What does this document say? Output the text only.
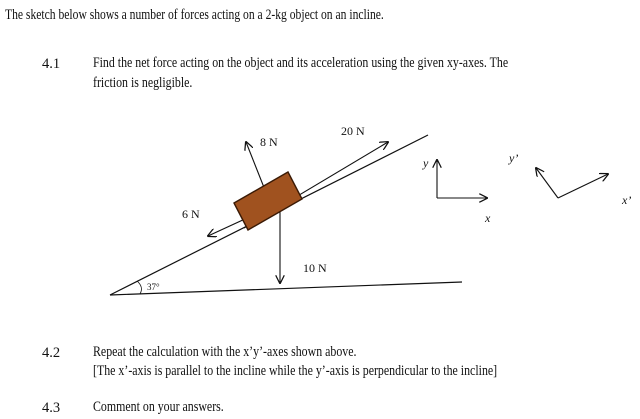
The sketch below shows a number of forces acting on a 2-kg object on an incline.
4.1 Find the net force acting on the object and its acceleration using the given xy-axes. The
friction is negligible.
37°
20 N
6 N
8 N
10 N
y
x
y’
x’
4.2 Repeat the calculation with the x’y’-axes shown above.
[The x’-axis is parallel to the incline while the y’-axis is perpendicular to the incline]
4.3 Comment on your answers.
